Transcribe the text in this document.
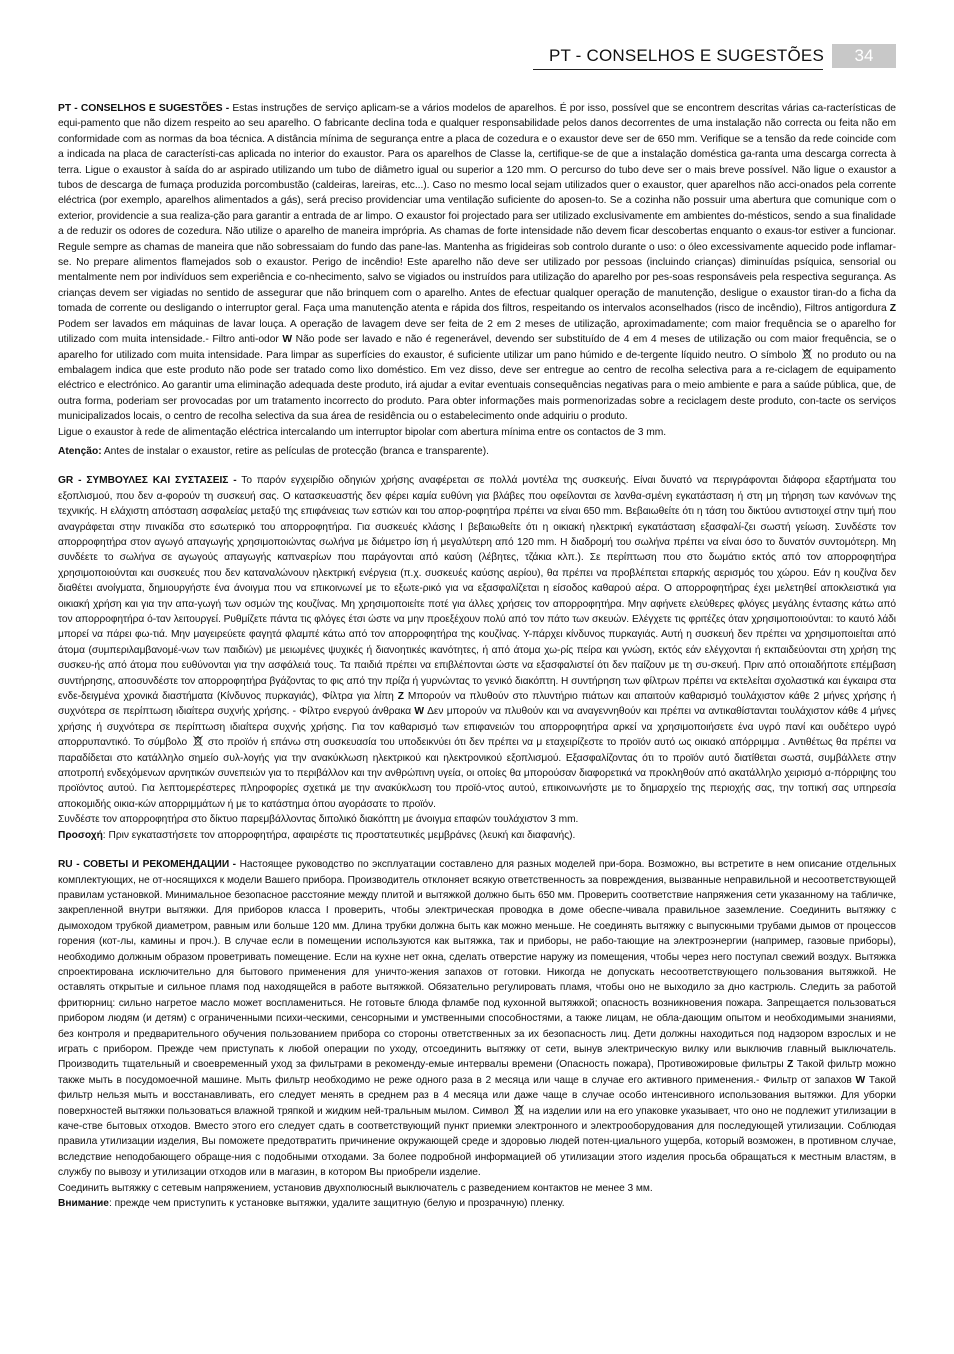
PT - CONSELHOS E SUGESTÕES	34

PT - CONSELHOS E SUGESTÕES - Estas instruções de serviço aplicam-se a vários modelos de aparelhos. É por isso, possível que se encontrem descritas várias ca-racterísticas de equi-pamento que não dizem respeito ao seu aparelho. O fabricante declina toda e qualquer responsabilidade pelos danos decorrentes de uma instalação não correcta ou feita não em conformidade com as normas da boa técnica. A distância mínima de segurança entre a placa de cozedura e o exaustor deve ser de 650 mm. Verifique se a tensão da rede coincide com a indicada na placa de característi-cas aplicada no interior do exaustor. Para os aparelhos de Classe la, certifique-se de que a instalação doméstica ga-ranta uma descarga correcta à terra. Ligue o exaustor à saída do ar aspirado utilizando um tubo de diâmetro igual ou superior a 120 mm. O percurso do tubo deve ser o mais breve possível. Não ligue o exaustor a tubos de descarga de fumaça produzida porcombustão (caldeiras, lareiras, etc...). Caso no mesmo local sejam utilizados quer o exaustor, quer aparelhos não acci-onados pela corrente eléctrica (por exemplo, aparelhos alimentados a gás), será preciso providenciar uma ventilação suficiente do aposen-to. Se a cozinha não possuir uma abertura que comunique com o exterior, providencie a sua realiza-ção para garantir a entrada de ar limpo. O exaustor foi projectado para ser utilizado exclusivamente em ambientes do-mésticos, sendo a sua finalidade a de reduzir os odores de cozedura. Não utilize o aparelho de maneira imprópria. As chamas de forte intensidade não devem ficar descobertas enquanto o exaus-tor estiver a funcionar. Regule sempre as chamas de maneira que não sobressaiam do fundo das pane-las. Mantenha as frigideiras sob controlo durante o uso: o óleo excessivamente aquecido pode inflamar-se. No prepare alimentos flamejados sob o exaustor. Perigo de incêndio! Este aparelho não deve ser utilizado por pessoas (incluindo crianças) diminuídas psíquica, sensorial ou mentalmente nem por indivíduos sem experiência e co-nhecimento, salvo se vigiados ou instruídos para utilização do aparelho por pes-soas responsáveis pela respectiva segurança. As crianças devem ser vigiadas no sentido de assegurar que não brinquem com o aparelho. Antes de efectuar qualquer operação de manutenção, desligue o exaustor tiran-do a ficha da tomada de corrente ou desligando o interruptor geral. Faça uma manutenção atenta e rápida dos filtros, respeitando os intervalos aconselhados (risco de incêndio), Filtros antigordura Z Podem ser lavados em máquinas de lavar louça. A operação de lavagem deve ser feita de 2 em 2 meses de utilização, aproximadamente; com maior frequência se o aparelho for utilizado com muita intensidade.- Filtro anti-odor W Não pode ser lavado e não é regenerável, devendo ser substituído de 4 em 4 meses de utilização ou com maior frequência, se o aparelho for utilizado com muita intensidade. Para limpar as superfícies do exaustor, é suficiente utilizar um pano húmido e de-tergente líquido neutro. O símbolo
no produto ou na embalagem indica que este produto não pode ser tratado como lixo doméstico. Em vez disso, deve ser entregue ao centro de recolha selectiva para a re-ciclagem de equipamento eléctrico e electrónico. Ao garantir uma eliminação adequada deste produto, irá ajudar a evitar eventuais consequências negativas para o meio ambiente e para a saúde pública, que, de outra forma, poderiam ser provocadas por um tratamento incorrecto do produto. Para obter informações mais pormenorizadas sobre a reciclagem deste produto, con-tacte os serviços municipalizados locais, o centro de recolha selectiva da sua área de residência ou o estabelecimento onde adquiriu o produto.

Ligue o exaustor à rede de alimentação eléctrica intercalando um interruptor bipolar com abertura mínima entre os contactos de 3 mm.

Atenção: Antes de instalar o exaustor, retire as películas de protecção (branca e transparente).

GR - ΣΥΜΒΟΥΛΕΣ ΚΑΙ ΣΥΣΤΑΣΕΙΣ - Το παρόν εγχειρίδιο οδηγιών χρήσης αναφέρεται σε πολλά μοντέλα της συσκευής. Είναι δυνατό να περιγράφονται διάφορα εξαρτήματα του εξοπλισμού, που δεν α-φορούν τη συσκευή σας. Ο κατασκευαστής δεν φέρει καμία ευθύνη για βλάβες που οφείλονται σε λανθα-σμένη εγκατάσταση ή στη μη τήρηση των κανόνων της τεχνικής. Η ελάχιστη απόσταση ασφαλείας μεταξύ της επιφάνειας των εστιών και του απορ-ροφητήρα πρέπει να είναι 650 mm. Βεβαιωθείτε ότι η τάση του δικτύου αντιστοιχεί στην τιμή που αναγράφεται στην πινακίδα στο εσωτερικό του απορροφητήρα. Για συσκευές κλάσης Ι βεβαιωθείτε ότι η οικιακή ηλεκτρική εγκατάσταση εξασφαλί-ζει σωστή γείωση. Συνδέστε τον απορροφητήρα στον αγωγό απαγωγής χρησιμοποιώντας σωλήνα με διάμετρο ίση ή μεγαλύτερη από 120 mm. Η διαδρομή του σωλήνα πρέπει να είναι όσο το δυνατόν συντομότερη. Μη συνδέετε το σωλήνα σε αγωγούς απαγωγής καπναερίων που παράγονται από καύση (λέβητες, τζάκια κλπ.). Σε περίπτωση που στο δωμάτιο εκτός από τον απορροφητήρα χρησιμοποιούνται και συσκευές που δεν καταναλώνουν ηλεκτρική ενέργεια (π.χ. συσκευές καύσης αερίου), θα πρέπει να προβλέπεται επαρκής αερισμός του χώρου. Εάν η κουζίνα δεν διαθέτει ανοίγματα, δημιουργήστε ένα άνοιγμα που να επικοινωνεί με το εξωτε-ρικό για να εξασφαλίζεται η είσοδος καθαρού αέρα. Ο απορροφητήρας έχει μελετηθεί αποκλειστικά για οικιακή χρήση και για την απα-γωγή των οσμών της κουζίνας. Μη χρησιμοποιείτε ποτέ για άλλες χρήσεις τον απορροφητήρα. Μην αφήνετε ελεύθερες φλόγες μεγάλης έντασης κάτω από τον απορροφητήρα ό-ταν λειτουργεί. Ρυθμίζετε πάντα τις φλόγες έτσι ώστε να μην προεξέχουν πολύ από τον πάτο των σκευών. Ελέγχετε τις φριτέζες όταν χρησιμοποιούνται: το καυτό λάδι μπορεί να πάρει φω-τιά. Μην μαγειρεύετε φαγητά φλαμπέ κάτω από τον απορροφητήρα της κουζίνας. Υ-πάρχει κίνδυνος πυρκαγιάς. Αυτή η συσκευή δεν πρέπει να χρησιμοποιείται από άτομα (συμπεριλαμβανομέ-νων των παιδιών) με μειωμένες ψυχικές ή διανοητικές ικανότητες, ή από άτομα χω-ρίς πείρα και γνώση, εκτός εάν ελέγχονται ή εκπαιδεύονται στη χρήση της συσκευ-ής από άτομα που ευθύνονται για την ασφάλειά τους. Τα παιδιά πρέπει να επιβλέπονται ώστε να εξασφαλιστεί ότι δεν παίζουν με τη συ-σκευή. Πριν από οποιαδήποτε επέμβαση συντήρησης, αποσυνδέστε τον απορροφητήρα βγάζοντας το φις από την πρίζα ή γυρνώντας το γενικό διακόπτη. Η συντήρηση των φίλτρων πρέπει να εκτελείται σχολαστικά και έγκαιρα στα ενδε-δειγμένα χρονικά διαστήματα (Κίνδυνος πυρκαγιάς), Φίλτρα για λίπη Z Μπορούν να πλυθούν στο πλυντήριο πιάτων και απαιτούν καθαρισμό τουλάχιστον κάθε 2 μήνες χρήσης ή συχνότερα σε περίπτωση ιδιαίτερα συχνής χρήσης. - Φίλτρο ενεργού άνθρακα W Δεν μπορούν να πλυθούν και να αναγεννηθούν και πρέπει να αντικαθίστανται τουλάχιστον κάθε 4 μήνες χρήσης ή συχνότερα σε περίπτωση ιδιαίτερα συχνής χρήσης. Για τον καθαρισμό των επιφανειών του απορροφητήρα αρκεί να χρησιμοποιήσετε ένα υγρό πανί και ουδέτερο υγρό απορρυπαντικό. Το σύμβολο
στο προϊόν ή επάνω στη συσκευασία του υποδεικνύει ότι δεν πρέπει να μ εταχειρίζεστε το προϊόν αυτό ως οικιακό απόρριμμα . Αντιθέτως θα πρέπει να παραδίδεται στο κατάλληλο σημείο συλ-λογής για την ανακύκλωση ηλεκτρικού και ηλεκτρονικού εξοπλισμού. Εξασφαλίζοντας ότι το προϊόν αυτό διατίθεται σωστά, συμβάλλετε στην αποτροπή ενδεχόμενων αρνητικών συνεπειών για το περιβάλλον και την ανθρώπινη υγεία, οι οποίες θα μπορούσαν διαφορετικά να προκληθούν από ακατάλληλο χειρισμό α-πόρριψης του προϊόντος αυτού. Για λεπτομερέστερες πληροφορίες σχετικά με την ανακύκλωση του προϊό-ντος αυτού, επικοινωνήστε με το δημαρχείο της περιοχής σας, την τοπική σας υπηρεσία αποκομιδής οικια-κών απορριμμάτων ή με το κατάστημα όπου αγοράσατε το προϊόν.

Συνδέστε τον απορροφητήρα στο δίκτυο παρεμβάλλοντας διπολικό διακόπτη με άνοιγμα επαφών τουλάχιστον 3 mm.

Προσοχή: Πριν εγκαταστήσετε τον απορροφητήρα, αφαιρέστε τις προστατευτικές μεμβράνες (λευκή και διαφανής).

RU - СОВЕТЫ И РЕКОМЕНДАЦИИ - Настоящее руководство по эксплуатации составлено для разных моделей при-бора. Возможно, вы встретите в нем описание отдельных комплектующих, не от-носящихся к модели Вашего прибора. Производитель отклоняет всякую ответственность за повреждения, вызванные неправильной и несоответствующей правилам установкой. Минимальное безопасное расстояние между плитой и вытяжкой должно быть 650 мм. Проверить соответствие напряжения сети указанному на табличке, закрепленной внутри вытяжки. Для приборов класса I проверить, чтобы электрическая проводка в доме обеспе-чивала правильное заземление. Соединить вытяжку с дымоходом трубкой диаметром, равным или больше 120 мм. Длина трубки должна быть как можно меньше. Не соединять вытяжку с выпускными трубами дымов от процессов горения (кот-лы, камины и проч.). В случае если в помещении используются как вытяжка, так и приборы, не рабо-тающие на электроэнергии (например, газовые приборы), необходимо должным образом проветривать помещение. Если на кухне нет окна, сделать отверстие наружу из помещения, чтобы через него поступал свежий воздух. Вытяжка спроектирована исключительно для бытового применения для уничто-жения запахов от готовки. Никогда не допускать несоответствующего пользования вытяжкой. Не оставлять открытые и сильное пламя под находящейся в работе вытяжкой. Обязательно регулировать пламя, чтобы оно не выходило за дно кастрюль. Следить за работой фритюрниц: сильно нагретое масло может воспламениться. Не готовьте блюда фламбе под кухонной вытяжкой; опасность возникновения пожара. Запрещается пользоваться прибором людям (и детям) с ограниченными психи-ческими, сенсорными и умственными способностями, а также лицам, не обла-дающим опытом и необходимыми знаниями, без контроля и предварительного обучения пользованием прибора со стороны ответственных за их безопасность лиц. Дети должны находиться под надзором взрослых и не играть с прибором. Прежде чем приступать к любой операции по уходу, отсоединить вытяжку от сети, вынув электрическую вилку или выключив главный выключатель. Производить тщательный и своевременный уход за фильтрами в рекоменду-емые интервалы времени (Опасность пожара), Противожировые фильтры Z Такой фильтр можно также мыть в посудомоечной машине. Мыть фильтр необходимо не реже одного раза в 2 месяца или чаще в случае его активного применения.- Фильтр от запахов W Такой фильтр нельзя мыть и восстанавливать, его следует менять в среднем раз в 4 месяца или даже чаще в случае особо интенсивного использования вытяжки. Для уборки поверхностей вытяжки пользоваться влажной тряпкой и жидким ней-тральным мылом. Символ
на изделии или на его упаковке указывает, что оно не подлежит утилизации в каче-стве бытовых отходов. Вместо этого его следует сдать в соответствующий пункт приемки электронного и электрооборудования для последующей утилизации. Соблюдая правила утилизации изделия, Вы поможете предотвратить причинение окружающей среде и здоровью людей потен-циального ущерба, который возможен, в противном случае, вследствие неподобающего обраще-ния с подобными отходами. За более подробной информацией об утилизации этого изделия просьба обращаться к местным властям, в службу по вывозу и утилизации отходов или в магазин, в котором Вы приобрели изделие.

Соединить вытяжку с сетевым напряжением, установив двухполюсный выключатель с разведением контактов не менее 3 мм.

Внимание: прежде чем приступить к установке вытяжки, удалите защитную (белую и прозрачную) пленку.
